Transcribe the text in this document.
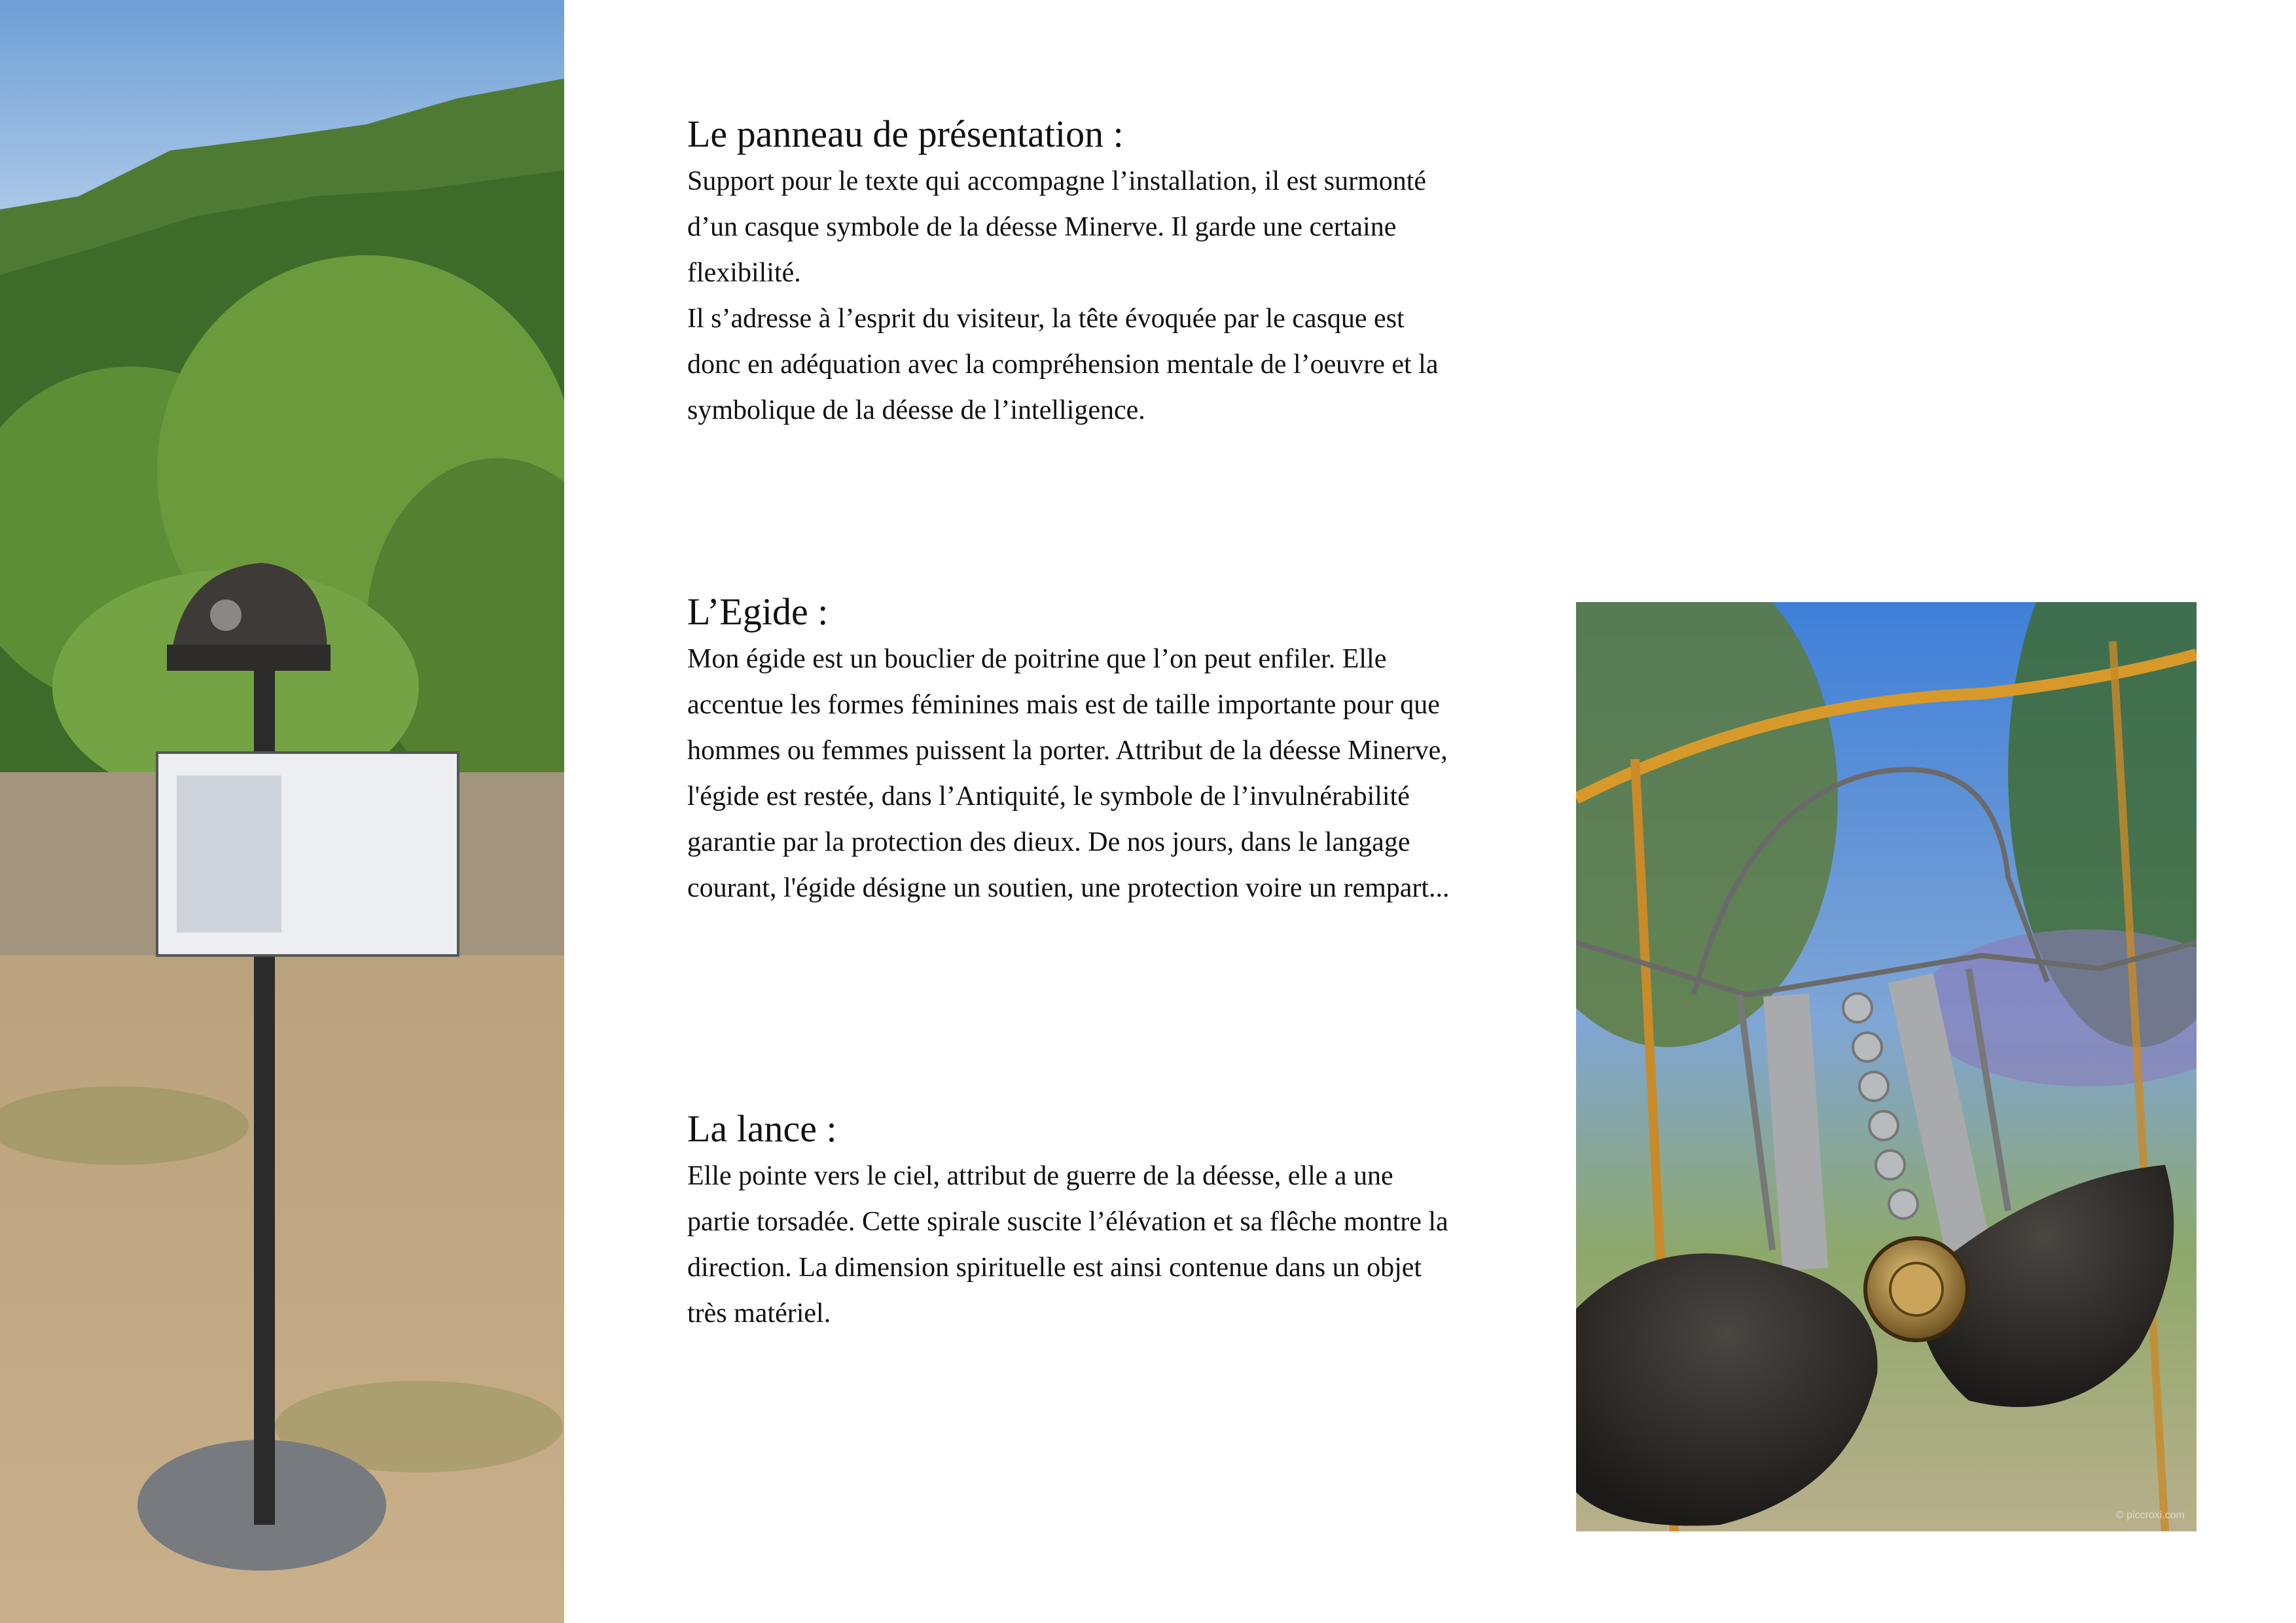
Le panneau de présentation :

Support pour le texte qui accompagne l’installation, il est surmonté d’un casque symbole de la déesse Minerve. Il garde une certaine flexibilité.

Il s’adresse à l’esprit du visiteur, la tête évoquée par le casque est donc en adéquation avec la compréhension mentale de l’oeuvre et la symbolique de la déesse de l’intelligence.

L’Egide :

Mon égide est un bouclier de poitrine que l’on peut enfiler. Elle accentue les formes féminines mais est de taille importante pour que hommes ou femmes puissent la porter. Attribut de la déesse Minerve, l'égide est restée, dans l’Antiquité, le symbole de l’invulnérabilité garantie par la protection des dieux. De nos jours, dans le langage courant, l'égide désigne un soutien, une protection voire un rempart...

La lance :

Elle pointe vers le ciel, attribut de guerre de la déesse, elle a une partie torsadée. Cette spirale suscite l’élévation et sa flêche montre la direction. La dimension spirituelle est ainsi contenue dans un objet très matériel.

© piccroxi.com
